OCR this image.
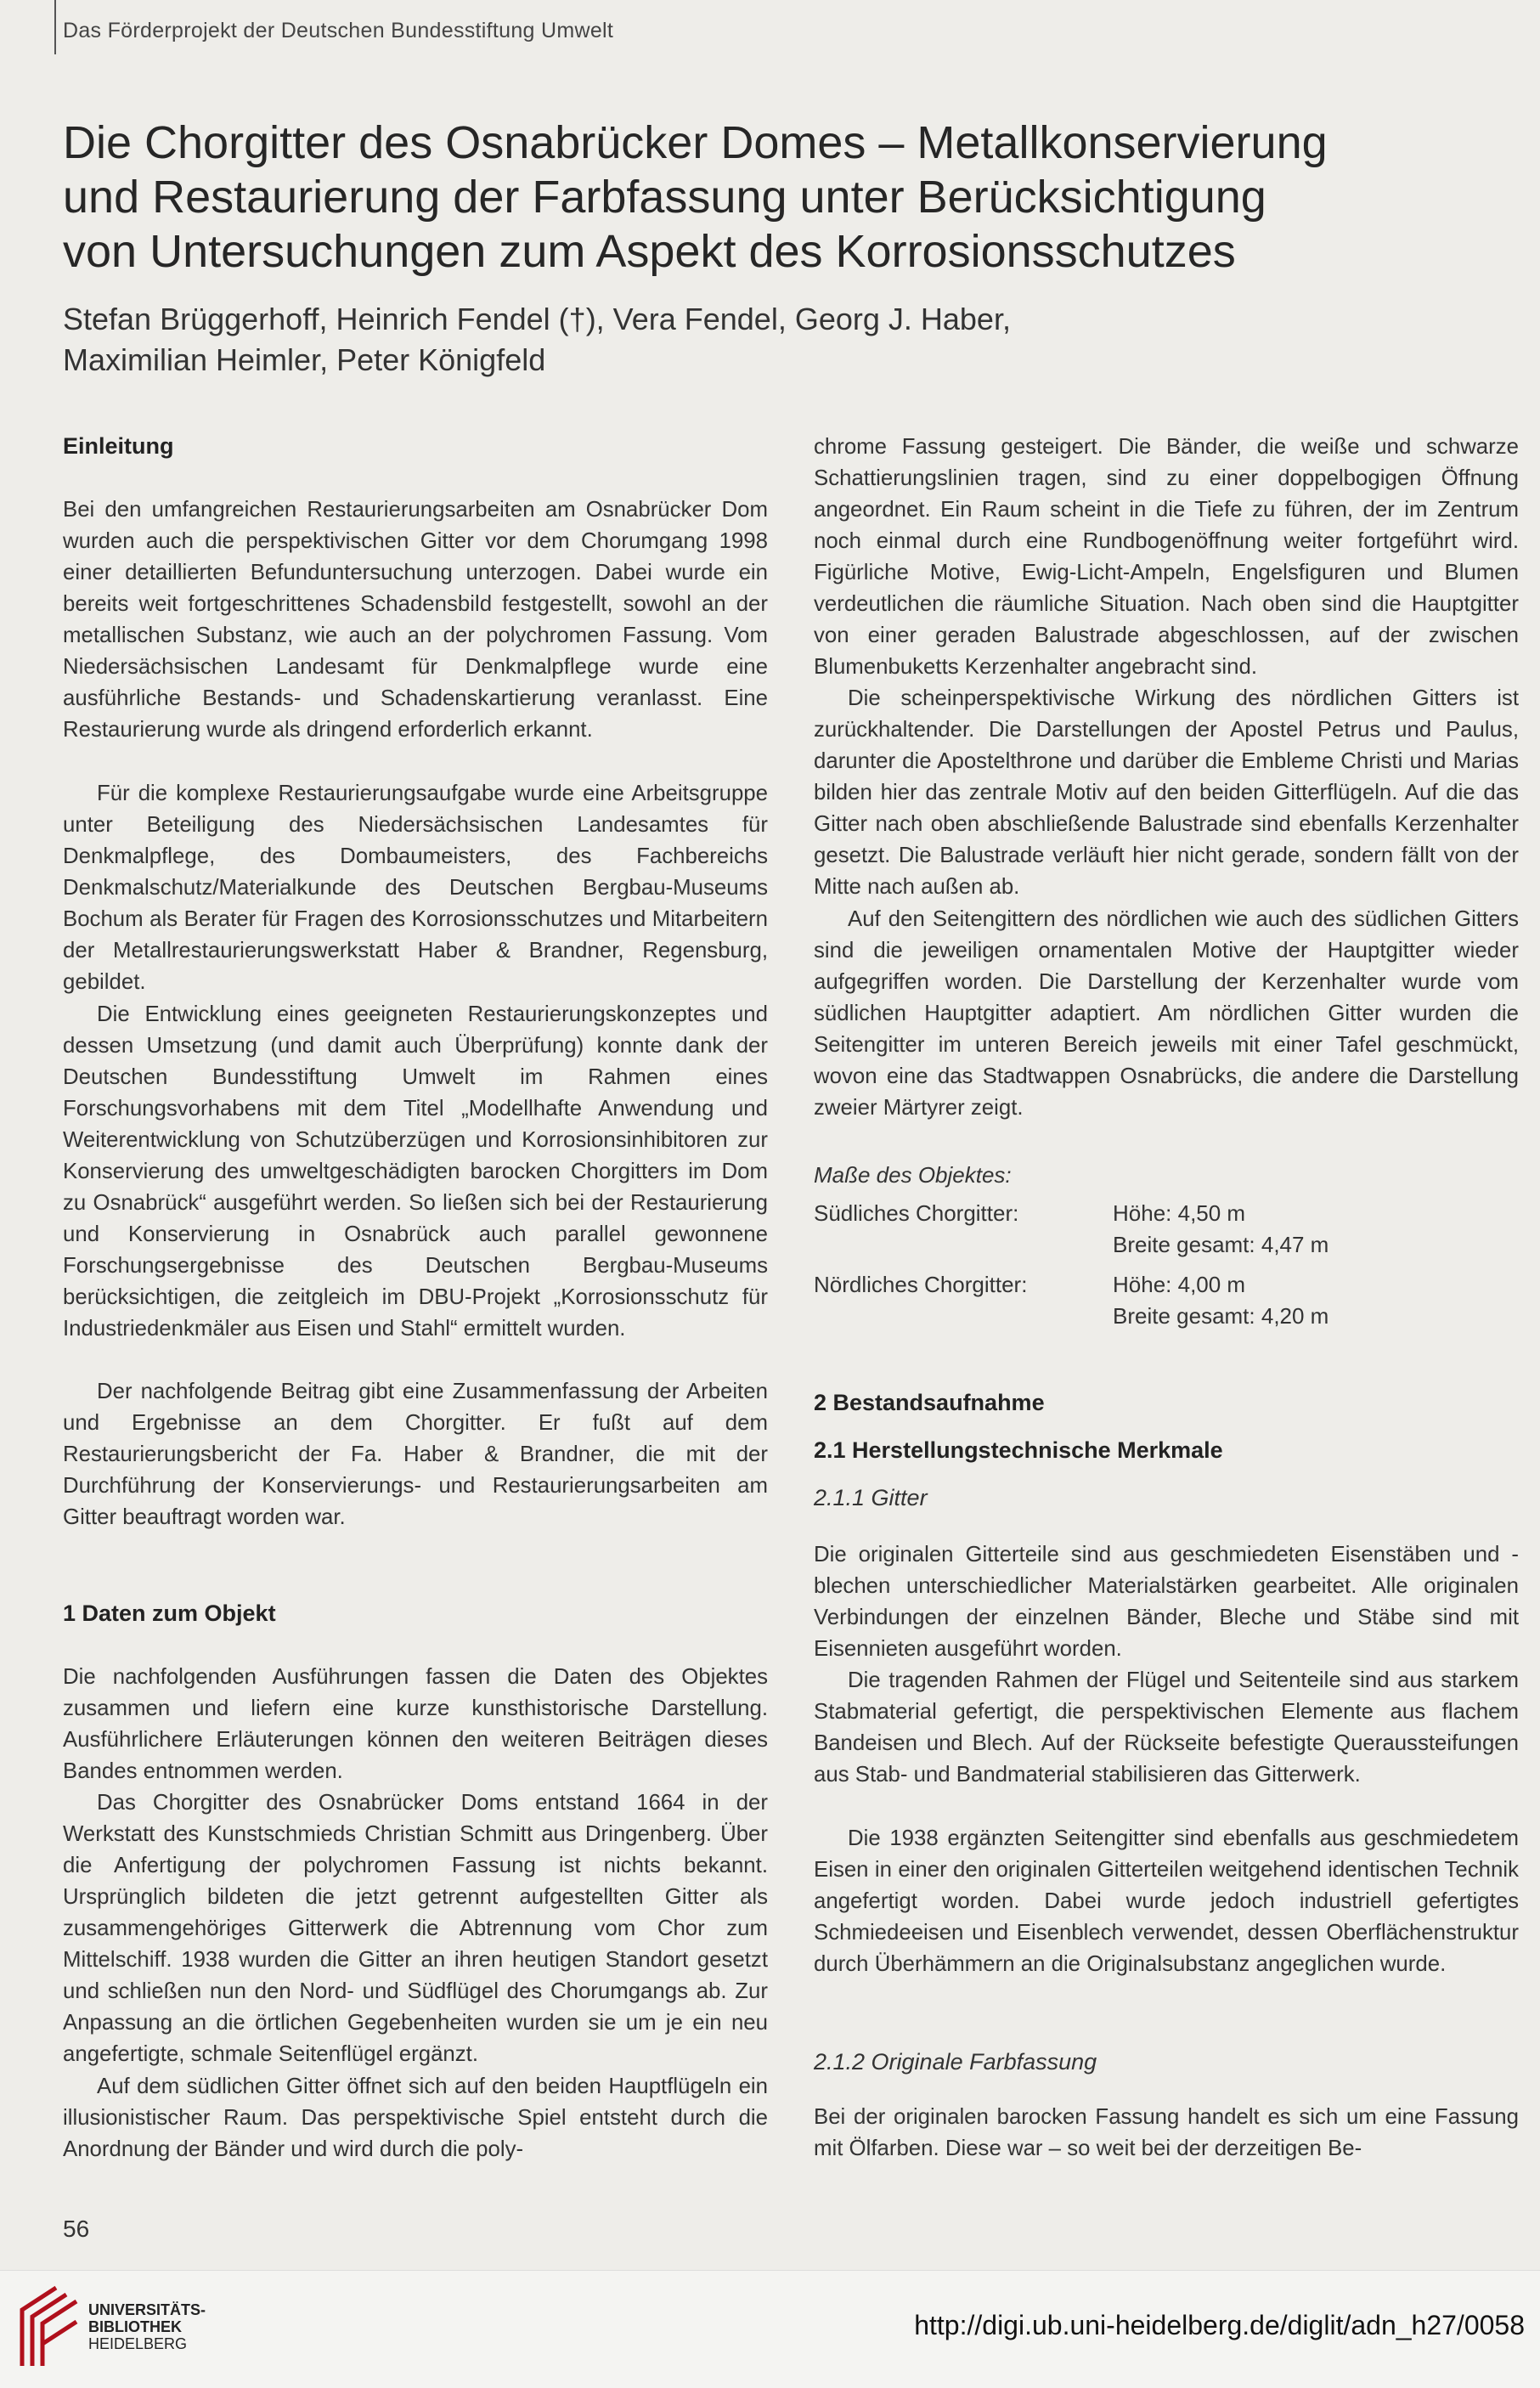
Das Förderprojekt der Deutschen Bundesstiftung Umwelt
Die Chorgitter des Osnabrücker Domes – Metallkonservierung
und Restaurierung der Farbfassung unter Berücksichtigung
von Untersuchungen zum Aspekt des Korrosionsschutzes
Stefan Brüggerhoff, Heinrich Fendel (†), Vera Fendel, Georg J. Haber,
Maximilian Heimler, Peter Königfeld
Einleitung

Bei den umfangreichen Restaurierungsarbeiten am Osnabrücker Dom wurden auch die perspektivischen Gitter vor dem Chorumgang 1998 einer detaillierten Befunduntersuchung unterzogen. Dabei wurde ein bereits weit fortgeschrittenes Schadensbild festgestellt, sowohl an der metallischen Substanz, wie auch an der polychromen Fassung. Vom Niedersächsischen Landesamt für Denkmalpflege wurde eine ausführliche Bestands- und Schadenskartierung veranlasst. Eine Restaurierung wurde als dringend erforderlich erkannt.

Für die komplexe Restaurierungsaufgabe wurde eine Arbeitsgruppe unter Beteiligung des Niedersächsischen Landesamtes für Denkmalpflege, des Dombaumeisters, des Fachbereichs Denkmalschutz/Materialkunde des Deutschen Bergbau-Museums Bochum als Berater für Fragen des Korrosionsschutzes und Mitarbeitern der Metallrestaurierungswerkstatt Haber & Brandner, Regensburg, gebildet.

Die Entwicklung eines geeigneten Restaurierungskonzeptes und dessen Umsetzung (und damit auch Überprüfung) konnte dank der Deutschen Bundesstiftung Umwelt im Rahmen eines Forschungsvorhabens mit dem Titel „Modellhafte Anwendung und Weiterentwicklung von Schutzüberzügen und Korrosionsinhibitoren zur Konservierung des umweltgeschädigten barocken Chorgitters im Dom zu Osnabrück“ ausgeführt werden. So ließen sich bei der Restaurierung und Konservierung in Osnabrück auch parallel gewonnene Forschungsergebnisse des Deutschen Bergbau-Museums berücksichtigen, die zeitgleich im DBU-Projekt „Korrosionsschutz für Industriedenkmäler aus Eisen und Stahl“ ermittelt wurden.

Der nachfolgende Beitrag gibt eine Zusammenfassung der Arbeiten und Ergebnisse an dem Chorgitter. Er fußt auf dem Restaurierungsbericht der Fa. Haber & Brandner, die mit der Durchführung der Konservierungs- und Restaurierungsarbeiten am Gitter beauftragt worden war.

1 Daten zum Objekt

Die nachfolgenden Ausführungen fassen die Daten des Objektes zusammen und liefern eine kurze kunsthistorische Darstellung. Ausführlichere Erläuterungen können den weiteren Beiträgen dieses Bandes entnommen werden.

Das Chorgitter des Osnabrücker Doms entstand 1664 in der Werkstatt des Kunstschmieds Christian Schmitt aus Dringenberg. Über die Anfertigung der polychromen Fassung ist nichts bekannt. Ursprünglich bildeten die jetzt getrennt aufgestellten Gitter als zusammengehöriges Gitterwerk die Abtrennung vom Chor zum Mittelschiff. 1938 wurden die Gitter an ihren heutigen Standort gesetzt und schließen nun den Nord- und Südflügel des Chorumgangs ab. Zur Anpassung an die örtlichen Gegebenheiten wurden sie um je ein neu angefertigte, schmale Seitenflügel ergänzt.

Auf dem südlichen Gitter öffnet sich auf den beiden Hauptflügeln ein illusionistischer Raum. Das perspektivische Spiel entsteht durch die Anordnung der Bänder und wird durch die poly-

chrome Fassung gesteigert. Die Bänder, die weiße und schwarze Schattierungslinien tragen, sind zu einer doppelbogigen Öffnung angeordnet. Ein Raum scheint in die Tiefe zu führen, der im Zentrum noch einmal durch eine Rundbogenöffnung weiter fortgeführt wird. Figürliche Motive, Ewig-Licht-Ampeln, Engelsfiguren und Blumen verdeutlichen die räumliche Situation. Nach oben sind die Hauptgitter von einer geraden Balustrade abgeschlossen, auf der zwischen Blumenbuketts Kerzenhalter angebracht sind.

Die scheinperspektivische Wirkung des nördlichen Gitters ist zurückhaltender. Die Darstellungen der Apostel Petrus und Paulus, darunter die Apostelthrone und darüber die Embleme Christi und Marias bilden hier das zentrale Motiv auf den beiden Gitterflügeln. Auf die das Gitter nach oben abschließende Balustrade sind ebenfalls Kerzenhalter gesetzt. Die Balustrade verläuft hier nicht gerade, sondern fällt von der Mitte nach außen ab.

Auf den Seitengittern des nördlichen wie auch des südlichen Gitters sind die jeweiligen ornamentalen Motive der Hauptgitter wieder aufgegriffen worden. Die Darstellung der Kerzenhalter wurde vom südlichen Hauptgitter adaptiert. Am nördlichen Gitter wurden die Seitengitter im unteren Bereich jeweils mit einer Tafel geschmückt, wovon eine das Stadtwappen Osnabrücks, die andere die Darstellung zweier Märtyrer zeigt.

Maße des Objektes:
Südliches Chorgitter:	Höhe: 4,50 m
Breite gesamt: 4,47 m
Nördliches Chorgitter:	Höhe: 4,00 m
Breite gesamt: 4,20 m
2 Bestandsaufnahme
2.1 Herstellungstechnische Merkmale
2.1.1 Gitter

Die originalen Gitterteile sind aus geschmiedeten Eisenstäben und -blechen unterschiedlicher Materialstärken gearbeitet. Alle originalen Verbindungen der einzelnen Bänder, Bleche und Stäbe sind mit Eisennieten ausgeführt worden.

Die tragenden Rahmen der Flügel und Seitenteile sind aus starkem Stabmaterial gefertigt, die perspektivischen Elemente aus flachem Bandeisen und Blech. Auf der Rückseite befestigte Queraussteifungen aus Stab- und Bandmaterial stabilisieren das Gitterwerk.

Die 1938 ergänzten Seitengitter sind ebenfalls aus geschmiedetem Eisen in einer den originalen Gitterteilen weitgehend identischen Technik angefertigt worden. Dabei wurde jedoch industriell gefertigtes Schmiedeeisen und Eisenblech verwendet, dessen Oberflächenstruktur durch Überhämmern an die Originalsubstanz angeglichen wurde.

2.1.2 Originale Farbfassung

Bei der originalen barocken Fassung handelt es sich um eine Fassung mit Ölfarben. Diese war – so weit bei der derzeitigen Be-

56
UNIVERSITÄTS-
BIBLIOTHEK
HEIDELBERG
http://digi.ub.uni-heidelberg.de/diglit/adn_h27/0058
